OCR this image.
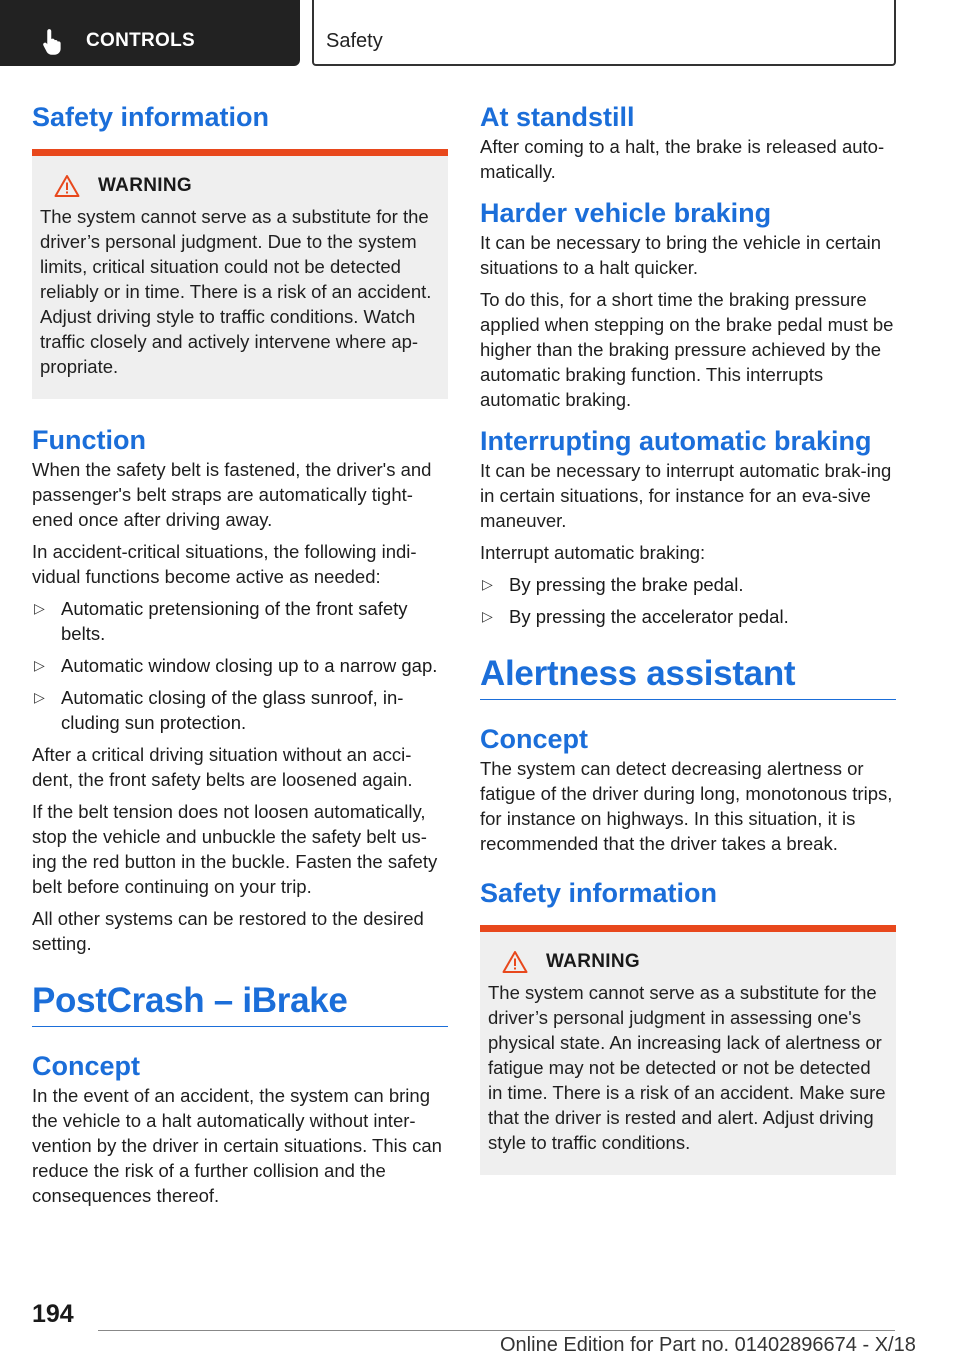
CONTROLS	Safety
Safety information
WARNING

The system cannot serve as a substitute for the driver’s personal judgment. Due to the system limits, critical situation could not be detected reliably or in time. There is a risk of an accident. Adjust driving style to traffic conditions. Watch traffic closely and actively intervene where ap-propriate.

Function

When the safety belt is fastened, the driver's and passenger's belt straps are automatically tight-ened once after driving away.

In accident-critical situations, the following indi-vidual functions become active as needed:

▷ Automatic pretensioning of the front safety belts.
▷ Automatic window closing up to a narrow gap.
▷ Automatic closing of the glass sunroof, in-cluding sun protection.

After a critical driving situation without an acci-dent, the front safety belts are loosened again.

If the belt tension does not loosen automatically, stop the vehicle and unbuckle the safety belt us-ing the red button in the buckle. Fasten the safety belt before continuing on your trip.

All other systems can be restored to the desired setting.

PostCrash – iBrake
Concept

In the event of an accident, the system can bring the vehicle to a halt automatically without inter-vention by the driver in certain situations. This can reduce the risk of a further collision and the consequences thereof.

At standstill

After coming to a halt, the brake is released auto-matically.

Harder vehicle braking

It can be necessary to bring the vehicle in certain situations to a halt quicker.

To do this, for a short time the braking pressure applied when stepping on the brake pedal must be higher than the braking pressure achieved by the automatic braking function. This interrupts automatic braking.

Interrupting automatic braking

It can be necessary to interrupt automatic brak-ing in certain situations, for instance for an eva-sive maneuver.

Interrupt automatic braking:

▷ By pressing the brake pedal.
▷ By pressing the accelerator pedal.
Alertness assistant
Concept

The system can detect decreasing alertness or fatigue of the driver during long, monotonous trips, for instance on highways. In this situation, it is recommended that the driver takes a break.

Safety information
WARNING

The system cannot serve as a substitute for the driver’s personal judgment in assessing one's physical state. An increasing lack of alertness or fatigue may not be detected or not be detected in time. There is a risk of an accident. Make sure that the driver is rested and alert. Adjust driving style to traffic conditions.

194
Online Edition for Part no. 01402896674 - X/18
